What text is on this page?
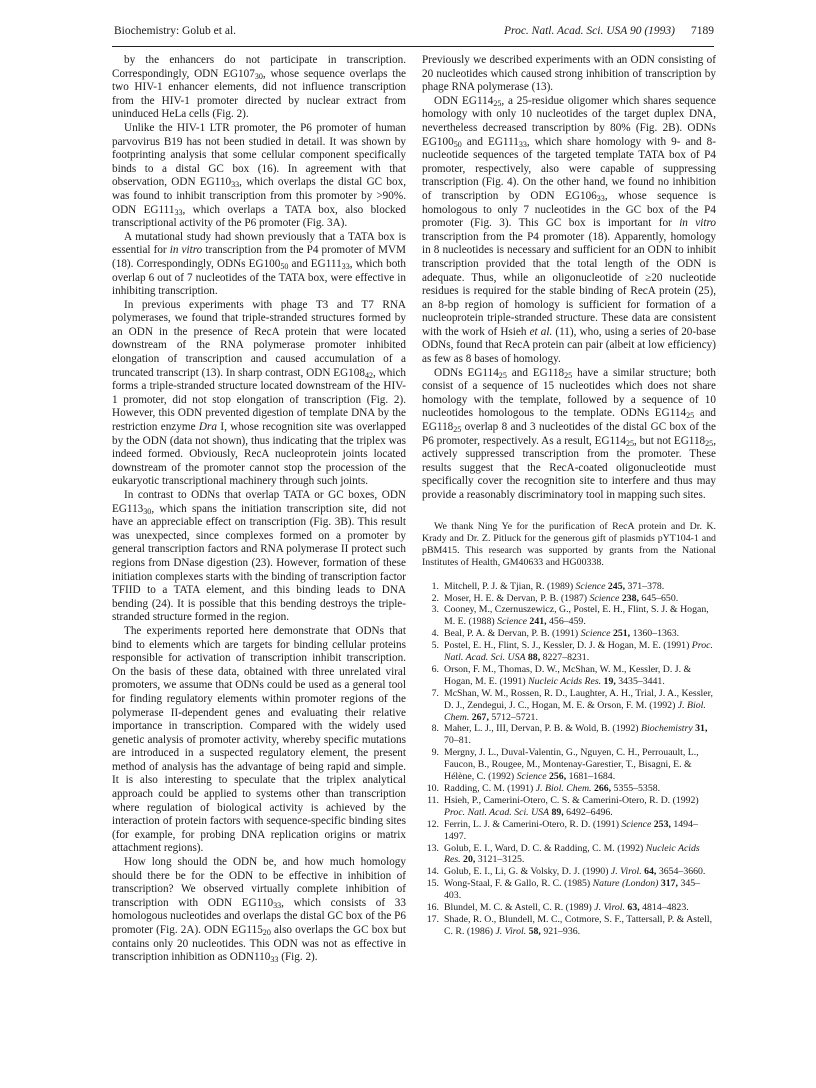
Biochemistry: Golub et al.	Proc. Natl. Acad. Sci. USA 90 (1993) 7189

by the enhancers do not participate in transcription. Correspondingly, ODN $EG107_{30}$, whose sequence overlaps the two HIV-1 enhancer elements, did not influence transcription from the HIV-1 promoter directed by nuclear extract from uninduced HeLa cells (Fig. 2).

Unlike the HIV-1 LTR promoter, the P6 promoter of human parvovirus B19 has not been studied in detail. It was shown by footprinting analysis that some cellular component specifically binds to a distal GC box (16). In agreement with that observation, ODN $EG110_{33}$, which overlaps the distal GC box, was found to inhibit transcription from this promoter by >90%. ODN $EG111_{33}$, which overlaps a TATA box, also blocked transcriptional activity of the P6 promoter (Fig. 3A).

A mutational study had shown previously that a TATA box is essential for in vitro transcription from the P4 promoter of MVM (18). Correspondingly, ODNs $EG100_{50}$ and $EG111_{33}$, which both overlap 6 out of 7 nucleotides of the TATA box, were effective in inhibiting transcription.

In previous experiments with phage T3 and T7 RNA polymerases, we found that triple-stranded structures formed by an ODN in the presence of RecA protein that were located downstream of the RNA polymerase promoter inhibited elongation of transcription and caused accumulation of a truncated transcript (13). In sharp contrast, ODN $EG108_{42}$, which forms a triple-stranded structure located downstream of the HIV-1 promoter, did not stop elongation of transcription (Fig. 2). However, this ODN prevented digestion of template DNA by the restriction enzyme Dra I, whose recognition site was overlapped by the ODN (data not shown), thus indicating that the triplex was indeed formed. Obviously, RecA nucleoprotein joints located downstream of the promoter cannot stop the procession of the eukaryotic transcriptional machinery through such joints.

In contrast to ODNs that overlap TATA or GC boxes, ODN $EG113_{30}$, which spans the initiation transcription site, did not have an appreciable effect on transcription (Fig. 3B). This result was unexpected, since complexes formed on a promoter by general transcription factors and RNA polymerase II protect such regions from DNase digestion (23). However, formation of these initiation complexes starts with the binding of transcription factor TFIID to a TATA element, and this binding leads to DNA bending (24). It is possible that this bending destroys the triple-stranded structure formed in the region.

The experiments reported here demonstrate that ODNs that bind to elements which are targets for binding cellular proteins responsible for activation of transcription inhibit transcription. On the basis of these data, obtained with three unrelated viral promoters, we assume that ODNs could be used as a general tool for finding regulatory elements within promoter regions of the polymerase II-dependent genes and evaluating their relative importance in transcription. Compared with the widely used genetic analysis of promoter activity, whereby specific mutations are introduced in a suspected regulatory element, the present method of analysis has the advantage of being rapid and simple. It is also interesting to speculate that the triplex analytical approach could be applied to systems other than transcription where regulation of biological activity is achieved by the interaction of protein factors with sequence-specific binding sites (for example, for probing DNA replication origins or matrix attachment regions).

How long should the ODN be, and how much homology should there be for the ODN to be effective in inhibition of transcription? We observed virtually complete inhibition of transcription with ODN $EG110_{33}$, which consists of 33 homologous nucleotides and overlaps the distal GC box of the P6 promoter (Fig. 2A). ODN $EG115_{20}$ also overlaps the GC box but contains only 20 nucleotides. This ODN was not as effective in transcription inhibition as $ODN110_{33}$ (Fig. 2).

Previously we described experiments with an ODN consisting of 20 nucleotides which caused strong inhibition of transcription by phage RNA polymerase (13).

ODN $EG114_{25}$, a 25-residue oligomer which shares sequence homology with only 10 nucleotides of the target duplex DNA, nevertheless decreased transcription by 80% (Fig. 2B). ODNs $EG100_{50}$ and $EG111_{33}$, which share homology with 9- and 8-nucleotide sequences of the targeted template TATA box of P4 promoter, respectively, also were capable of suppressing transcription (Fig. 4). On the other hand, we found no inhibition of transcription by ODN $EG106_{33}$, whose sequence is homologous to only 7 nucleotides in the GC box of the P4 promoter (Fig. 3). This GC box is important for in vitro transcription from the P4 promoter (18). Apparently, homology in 8 nucleotides is necessary and sufficient for an ODN to inhibit transcription provided that the total length of the ODN is adequate. Thus, while an oligonucleotide of ≥20 nucleotide residues is required for the stable binding of RecA protein (25), an 8-bp region of homology is sufficient for formation of a nucleoprotein triple-stranded structure. These data are consistent with the work of Hsieh et al. (11), who, using a series of 20-base ODNs, found that RecA protein can pair (albeit at low efficiency) as few as 8 bases of homology.

ODNs $EG114_{25}$ and $EG118_{25}$ have a similar structure; both consist of a sequence of 15 nucleotides which does not share homology with the template, followed by a sequence of 10 nucleotides homologous to the template. ODNs $EG114_{25}$ and $EG118_{25}$ overlap 8 and 3 nucleotides of the distal GC box of the P6 promoter, respectively. As a result, $EG114_{25}$, but not $EG118_{25}$, actively suppressed transcription from the promoter. These results suggest that the RecA-coated oligonucleotide must specifically cover the recognition site to interfere and thus may provide a reasonably discriminatory tool in mapping such sites.

We thank Ning Ye for the purification of RecA protein and Dr. K. Krady and Dr. Z. Pitluck for the generous gift of plasmids pYT104-1 and pBM415. This research was supported by grants from the National Institutes of Health, GM40633 and HG00338.

1. Mitchell, P. J. & Tjian, R. (1989) Science 245, 371–378.
2. Moser, H. E. & Dervan, P. B. (1987) Science 238, 645–650.
3. Cooney, M., Czernuszewicz, G., Postel, E. H., Flint, S. J. & Hogan, M. E. (1988) Science 241, 456–459.
4. Beal, P. A. & Dervan, P. B. (1991) Science 251, 1360–1363.
5. Postel, E. H., Flint, S. J., Kessler, D. J. & Hogan, M. E. (1991) Proc. Natl. Acad. Sci. USA 88, 8227–8231.
6. Orson, F. M., Thomas, D. W., McShan, W. M., Kessler, D. J. & Hogan, M. E. (1991) Nucleic Acids Res. 19, 3435–3441.
7. McShan, W. M., Rossen, R. D., Laughter, A. H., Trial, J. A., Kessler, D. J., Zendegui, J. C., Hogan, M. E. & Orson, F. M. (1992) J. Biol. Chem. 267, 5712–5721.
8. Maher, L. J., III, Dervan, P. B. & Wold, B. (1992) Biochemistry 31, 70–81.
9. Mergny, J. L., Duval-Valentin, G., Nguyen, C. H., Perrouault, L., Faucon, B., Rougee, M., Montenay-Garestier, T., Bisagni, E. & Hélène, C. (1992) Science 256, 1681–1684.
10. Radding, C. M. (1991) J. Biol. Chem. 266, 5355–5358.
11. Hsieh, P., Camerini-Otero, C. S. & Camerini-Otero, R. D. (1992) Proc. Natl. Acad. Sci. USA 89, 6492–6496.
12. Ferrin, L. J. & Camerini-Otero, R. D. (1991) Science 253, 1494–1497.
13. Golub, E. I., Ward, D. C. & Radding, C. M. (1992) Nucleic Acids Res. 20, 3121–3125.
14. Golub, E. I., Li, G. & Volsky, D. J. (1990) J. Virol. 64, 3654–3660.
15. Wong-Staal, F. & Gallo, R. C. (1985) Nature (London) 317, 345–403.
16. Blundel, M. C. & Astell, C. R. (1989) J. Virol. 63, 4814–4823.
17. Shade, R. O., Blundell, M. C., Cotmore, S. F., Tattersall, P. & Astell, C. R. (1986) J. Virol. 58, 921–936.
